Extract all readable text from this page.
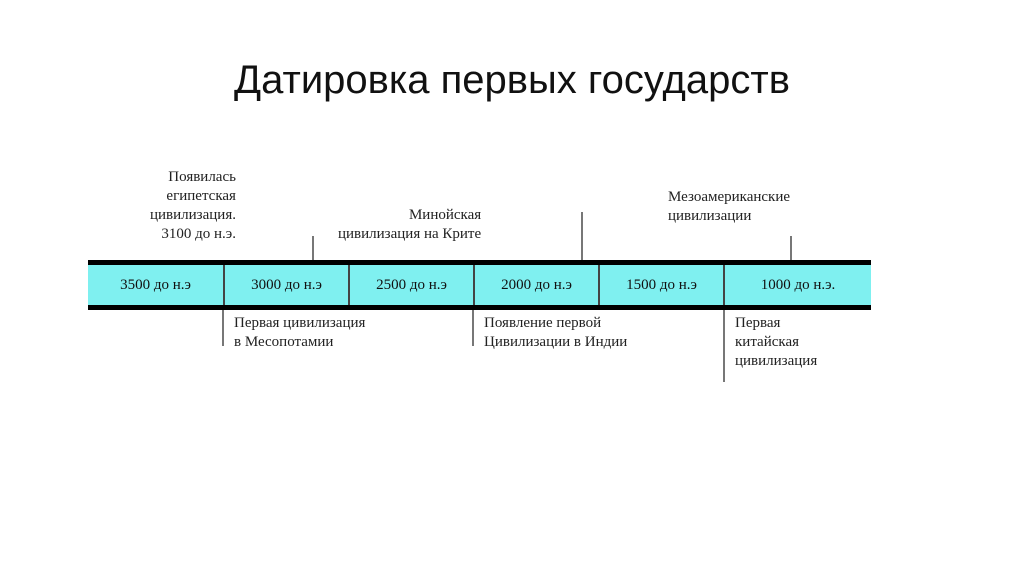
Датировка первых государств
Появилась
египетская
цивилизация.
3100 до н.э.
Минойская
цивилизация на Крите
Мезоамериканские
цивилизации
3500 до н.э	3000 до н.э	2500 до н.э	2000 до н.э	1500 до н.э	1000 до н.э.
Первая цивилизация
в Месопотамии
Появление первой
Цивилизации в Индии
Первая
китайская
цивилизация
